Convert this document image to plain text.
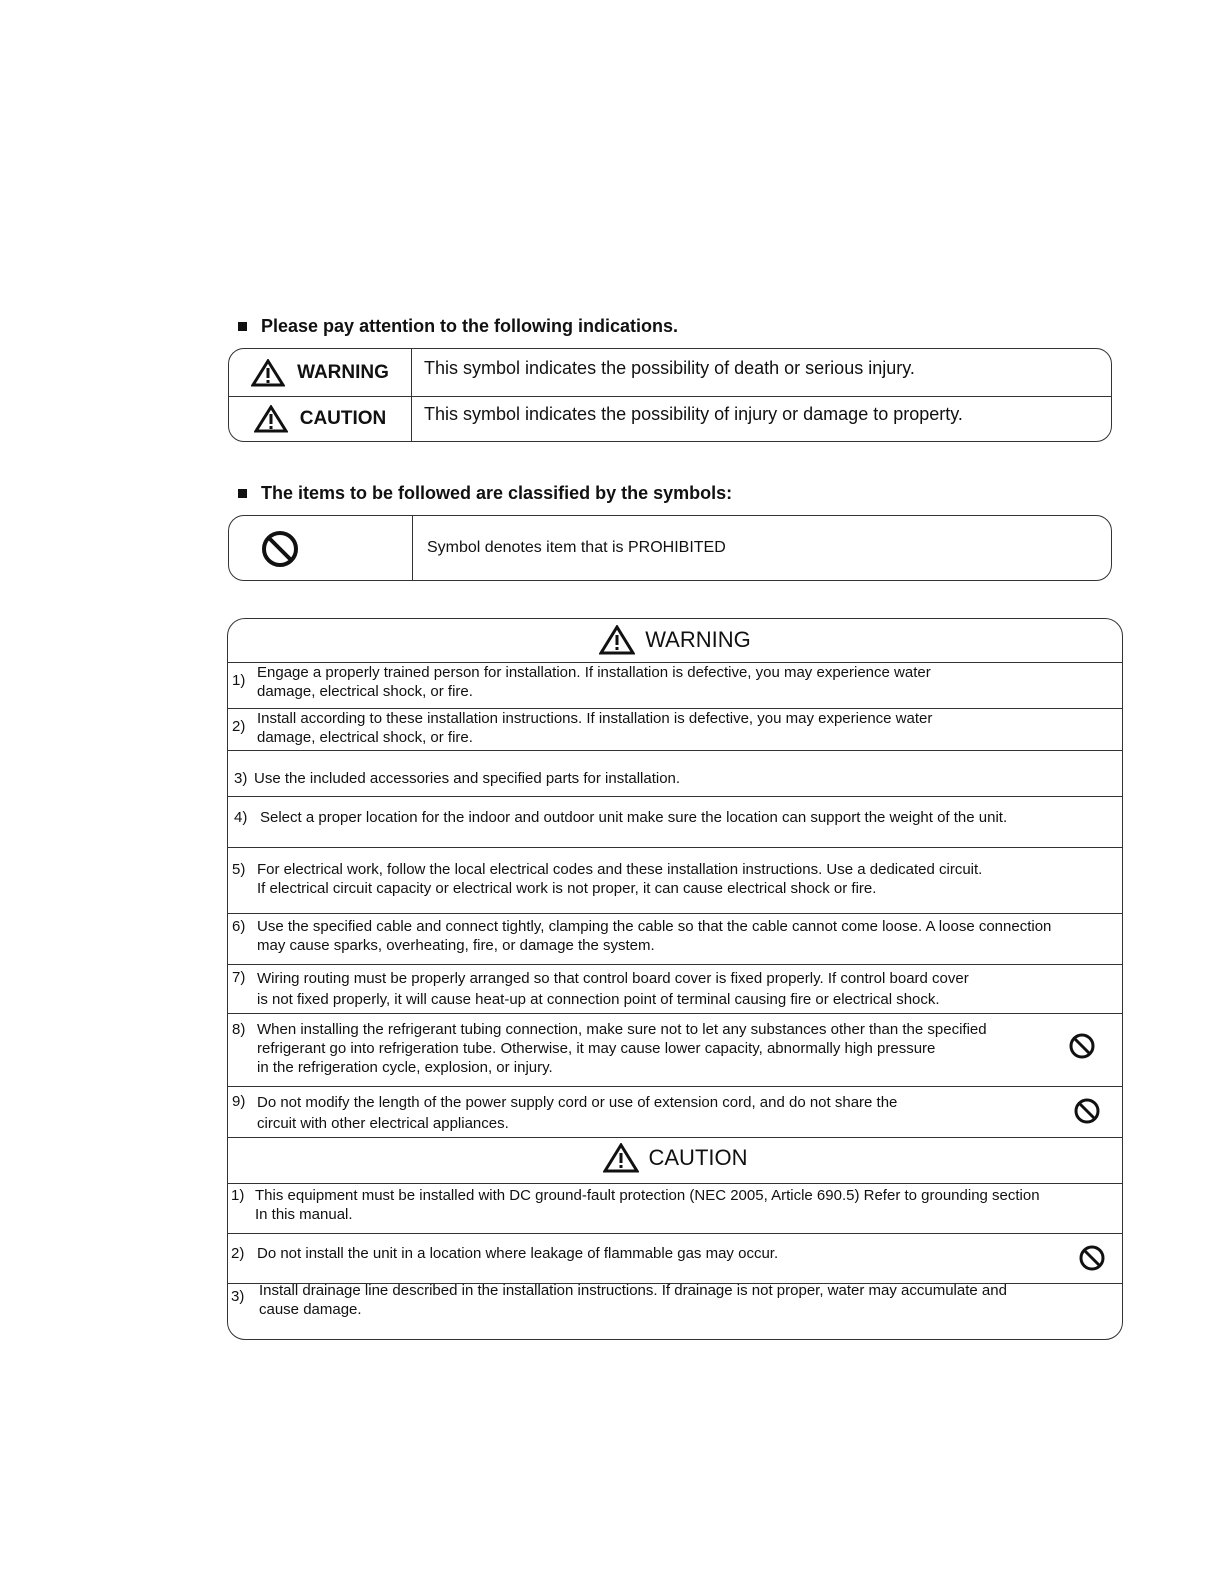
Please pay attention to the following indications.
WARNING	This symbol indicates the possibility of death or serious injury.
CAUTION	This symbol indicates the possibility of injury or damage to property.
The items to be followed are classified by the symbols:
Symbol denotes item that is PROHIBITED
WARNING
1) Engage a properly trained person for installation. If installation is defective, you may experience water
damage, electrical shock, or fire.
2) Install according to these installation instructions. If installation is defective, you may experience water
damage, electrical shock, or fire.
3) Use the included accessories and specified parts for installation.
4) Select a proper location for the indoor and outdoor unit make sure the location can support the weight of the unit.
5) For electrical work, follow the local electrical codes and these installation instructions. Use a dedicated circuit.
If electrical circuit capacity or electrical work is not proper, it can cause electrical shock or fire.
6) Use the specified cable and connect tightly, clamping the cable so that the cable cannot come loose. A loose connection
may cause sparks, overheating, fire, or damage the system.
7) Wiring routing must be properly arranged so that control board cover is fixed properly. If control board cover
is not fixed properly, it will cause heat-up at connection point of terminal causing fire or electrical shock.
8) When installing the refrigerant tubing connection, make sure not to let any substances other than the specified
refrigerant go into refrigeration tube. Otherwise, it may cause lower capacity, abnormally high pressure
in the refrigeration cycle, explosion, or injury.
9) Do not modify the length of the power supply cord or use of extension cord, and do not share the
circuit with other electrical appliances.
CAUTION
1) This equipment must be installed with DC ground-fault protection (NEC 2005, Article 690.5) Refer to grounding section
In this manual.
2) Do not install the unit in a location where leakage of flammable gas may occur.
3) Install drainage line described in the installation instructions. If drainage is not proper, water may accumulate and
cause damage.
